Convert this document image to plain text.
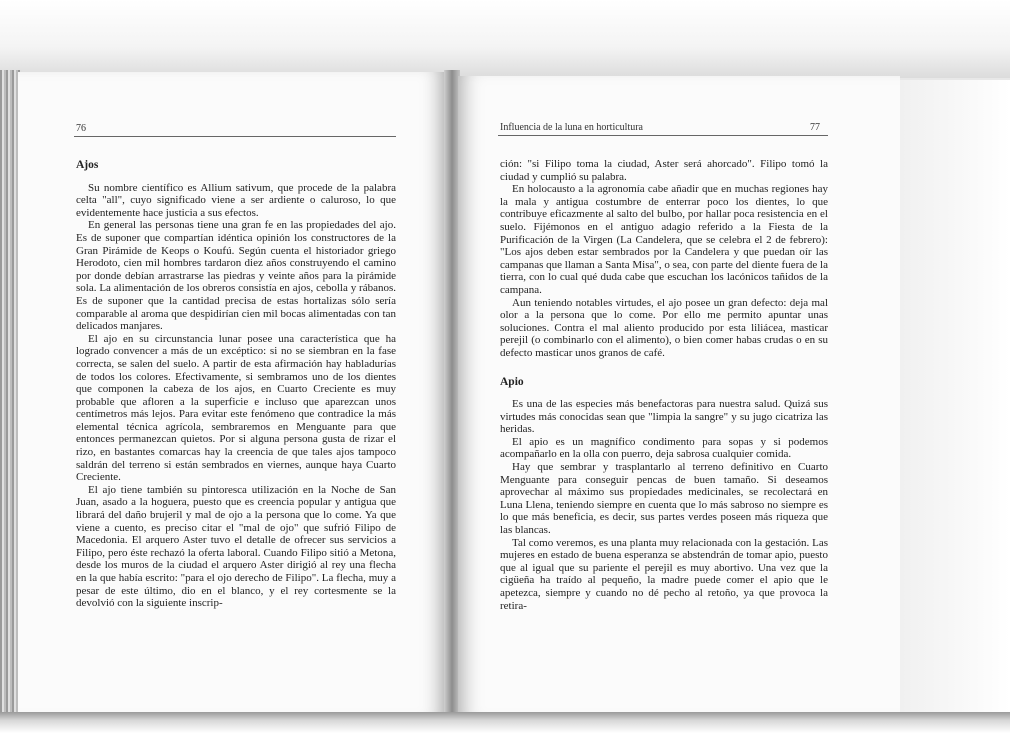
76
Ajos

Su nombre científico es Allium sativum, que procede de la palabra celta "all", cuyo significado viene a ser ardiente o caluroso, lo que evidentemente hace justicia a sus efectos.

En general las personas tiene una gran fe en las propiedades del ajo. Es de suponer que compartían idéntica opinión los constructores de la Gran Pirámide de Keops o Koufú. Según cuenta el historiador griego Herodoto, cien mil hombres tardaron diez años construyendo el camino por donde debían arrastrarse las piedras y veinte años para la pirámide sola. La alimentación de los obreros consistía en ajos, cebolla y rábanos. Es de suponer que la cantidad precisa de estas hortalizas sólo sería comparable al aroma que despidirían cien mil bocas alimentadas con tan delicados manjares.

El ajo en su circunstancia lunar posee una característica que ha logrado convencer a más de un excéptico: si no se siembran en la fase correcta, se salen del suelo. A partir de esta afirmación hay habladurías de todos los colores. Efectivamente, si sembramos uno de los dientes que componen la cabeza de los ajos, en Cuarto Creciente es muy probable que afloren a la superficie e incluso que aparezcan unos centímetros más lejos. Para evitar este fenómeno que contradice la más elemental técnica agrícola, sembraremos en Menguante para que entonces permanezcan quietos. Por si alguna persona gusta de rizar el rizo, en bastantes comarcas hay la creencia de que tales ajos tampoco saldrán del terreno si están sembrados en viernes, aunque haya Cuarto Creciente.

El ajo tiene también su pintoresca utilización en la Noche de San Juan, asado a la hoguera, puesto que es creencia popular y antigua que librará del daño brujeril y mal de ojo a la persona que lo come. Ya que viene a cuento, es preciso citar el "mal de ojo" que sufrió Filipo de Macedonia. El arquero Aster tuvo el detalle de ofrecer sus servicios a Filipo, pero éste rechazó la oferta laboral. Cuando Filipo sitió a Metona, desde los muros de la ciudad el arquero Aster dirigió al rey una flecha en la que había escrito: "para el ojo derecho de Filipo". La flecha, muy a pesar de este último, dio en el blanco, y el rey cortesmente se la devolvió con la siguiente inscrip-

Influencia de la luna en horticultura	77

ción: "si Filipo toma la ciudad, Aster será ahorcado". Filipo tomó la ciudad y cumplió su palabra.

En holocausto a la agronomía cabe añadir que en muchas regiones hay la mala y antigua costumbre de enterrar poco los dientes, lo que contribuye eficazmente al salto del bulbo, por hallar poca resistencia en el suelo. Fijémonos en el antiguo adagio referido a la Fiesta de la Purificación de la Virgen (La Candelera, que se celebra el 2 de febrero): "Los ajos deben estar sembrados por la Candelera y que puedan oír las campanas que llaman a Santa Misa", o sea, con parte del diente fuera de la tierra, con lo cual qué duda cabe que escuchan los lacónicos tañidos de la campana.

Aun teniendo notables virtudes, el ajo posee un gran defecto: deja mal olor a la persona que lo come. Por ello me permito apuntar unas soluciones. Contra el mal aliento producido por esta liliácea, masticar perejil (o combinarlo con el alimento), o bien comer habas crudas o en su defecto masticar unos granos de café.

Apio

Es una de las especies más benefactoras para nuestra salud. Quizá sus virtudes más conocidas sean que "limpia la sangre" y su jugo cicatriza las heridas.

El apio es un magnífico condimento para sopas y si podemos acompañarlo en la olla con puerro, deja sabrosa cualquier comida.

Hay que sembrar y trasplantarlo al terreno definitivo en Cuarto Menguante para conseguir pencas de buen tamaño. Si deseamos aprovechar al máximo sus propiedades medicinales, se recolectará en Luna Llena, teniendo siempre en cuenta que lo más sabroso no siempre es lo que más beneficia, es decir, sus partes verdes poseen más riqueza que las blancas.

Tal como veremos, es una planta muy relacionada con la gestación. Las mujeres en estado de buena esperanza se abstendrán de tomar apio, puesto que al igual que su pariente el perejil es muy abortivo. Una vez que la cigüeña ha traído al pequeño, la madre puede comer el apio que le apetezca, siempre y cuando no dé pecho al retoño, ya que provoca la retira-
